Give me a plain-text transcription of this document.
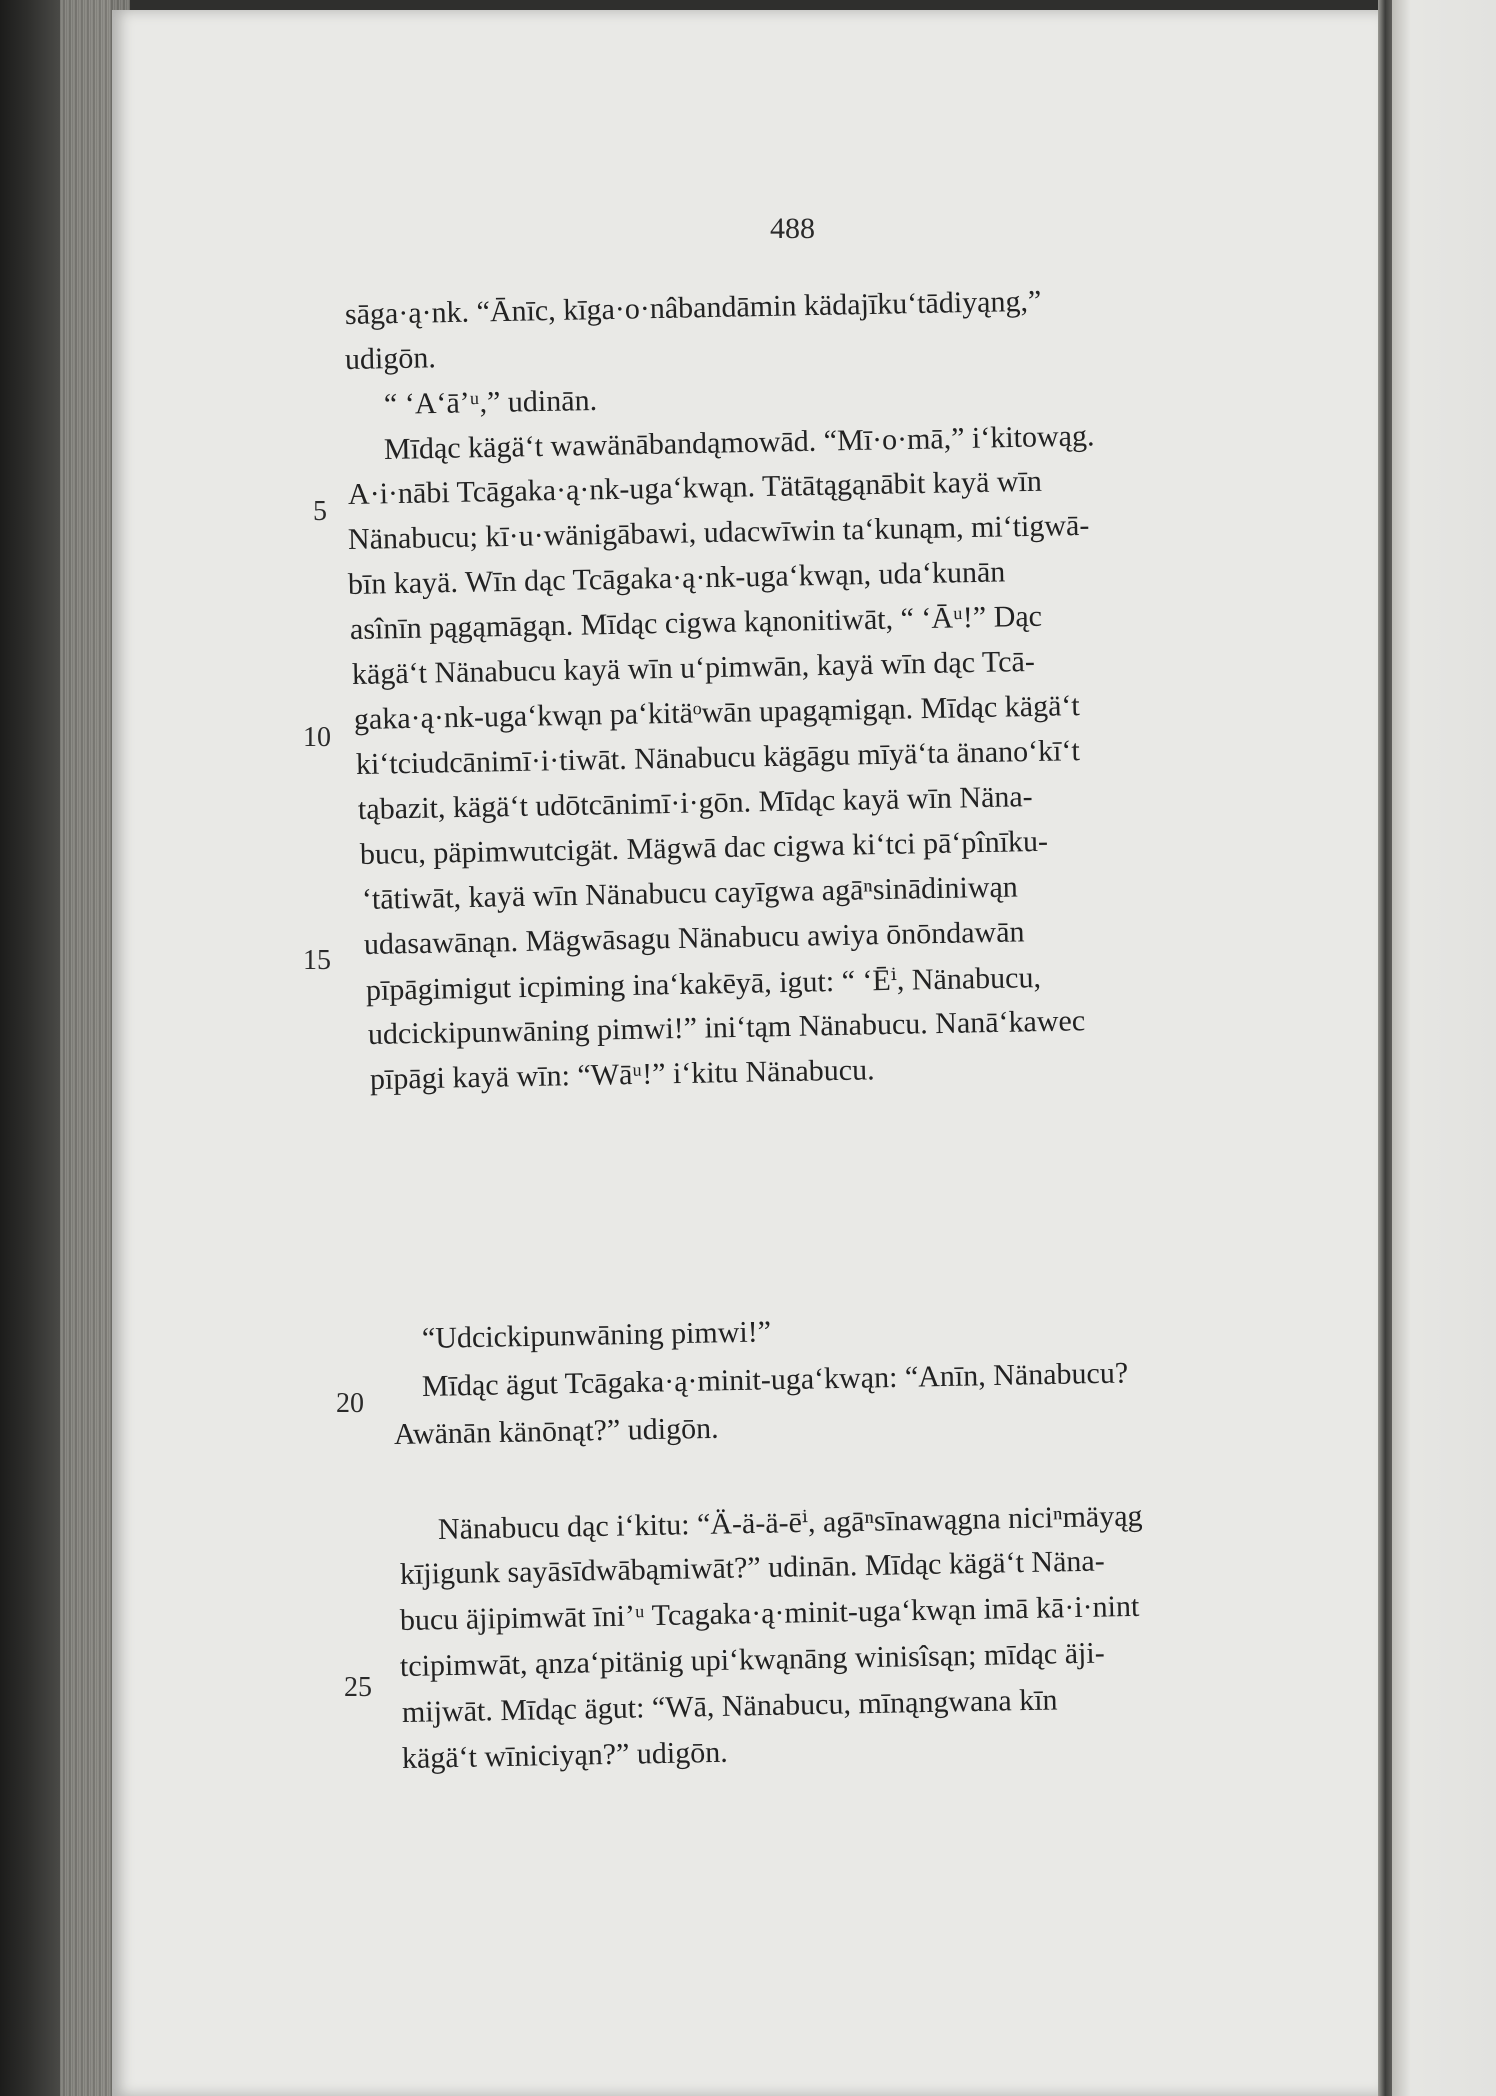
488
sāga·ą·nk. “Ānīc, kīga·o·nâbandāmin kädajīku‘tādiyąng,”
udigōn.
“ ‘A‘ā’ᵘ,” udinān.
Mīdąc kägä‘t wawänābandąmowād. “Mī·o·mā,” i‘kitowąg.
A·i·nābi Tcāgaka·ą·nk-uga‘kwąn. Tätātągąnābit kayä wīn
Nänabucu; kī·u·wänigābawi, udacwīwin ta‘kunąm, mi‘tigwā-
bīn kayä. Wīn dąc Tcāgaka·ą·nk-uga‘kwąn, uda‘kunān
asînīn pągąmāgąn. Mīdąc cigwa kąnonitiwāt, “ ‘Āᵘ!” Dąc
kägä‘t Nänabucu kayä wīn u‘pimwān, kayä wīn dąc Tcā-
gaka·ą·nk-uga‘kwąn pa‘kitäᵒwān upagąmigąn. Mīdąc kägä‘t
ki‘tciudcānimī·i·tiwāt. Nänabucu kägāgu mīyä‘ta änano‘kī‘t
tąbazit, kägä‘t udōtcānimī·i·gōn. Mīdąc kayä wīn Näna-
bucu, päpimwutcigät. Mägwā dac cigwa ki‘tci pā‘pînīku-
‘tātiwāt, kayä wīn Nänabucu cayīgwa agāⁿsinādiniwąn
udasawānąn. Mägwāsagu Nänabucu awiya ōnōndawān
pīpāgimigut icpiming ina‘kakēyā, igut: “ ‘Ēⁱ, Nänabucu,
udcickipunwāning pimwi!” ini‘tąm Nänabucu. Nanā‘kawec
pīpāgi kayä wīn: “Wāᵘ!” i‘kitu Nänabucu.
5
10
15
“Udcickipunwāning pimwi!”
Mīdąc ägut Tcāgaka·ą·minit-uga‘kwąn: “Anīn, Nänabucu?
Awänān känōnąt?” udigōn.
20
Nänabucu dąc i‘kitu: “Ä-ä-ä-ēⁱ, agāⁿsīnawągna niciⁿmäyąg
kījigunk sayāsīdwābąmiwāt?” udinān. Mīdąc kägä‘t Näna-
bucu äjipimwāt īni’ᵘ Tcagaka·ą·minit-uga‘kwąn imā kā·i·nint
tcipimwāt, ąnza‘pitänig upi‘kwąnāng winisîsąn; mīdąc äji-
mijwāt. Mīdąc ägut: “Wā, Nänabucu, mīnąngwana kīn
kägä‘t wīniciyąn?” udigōn.
25
